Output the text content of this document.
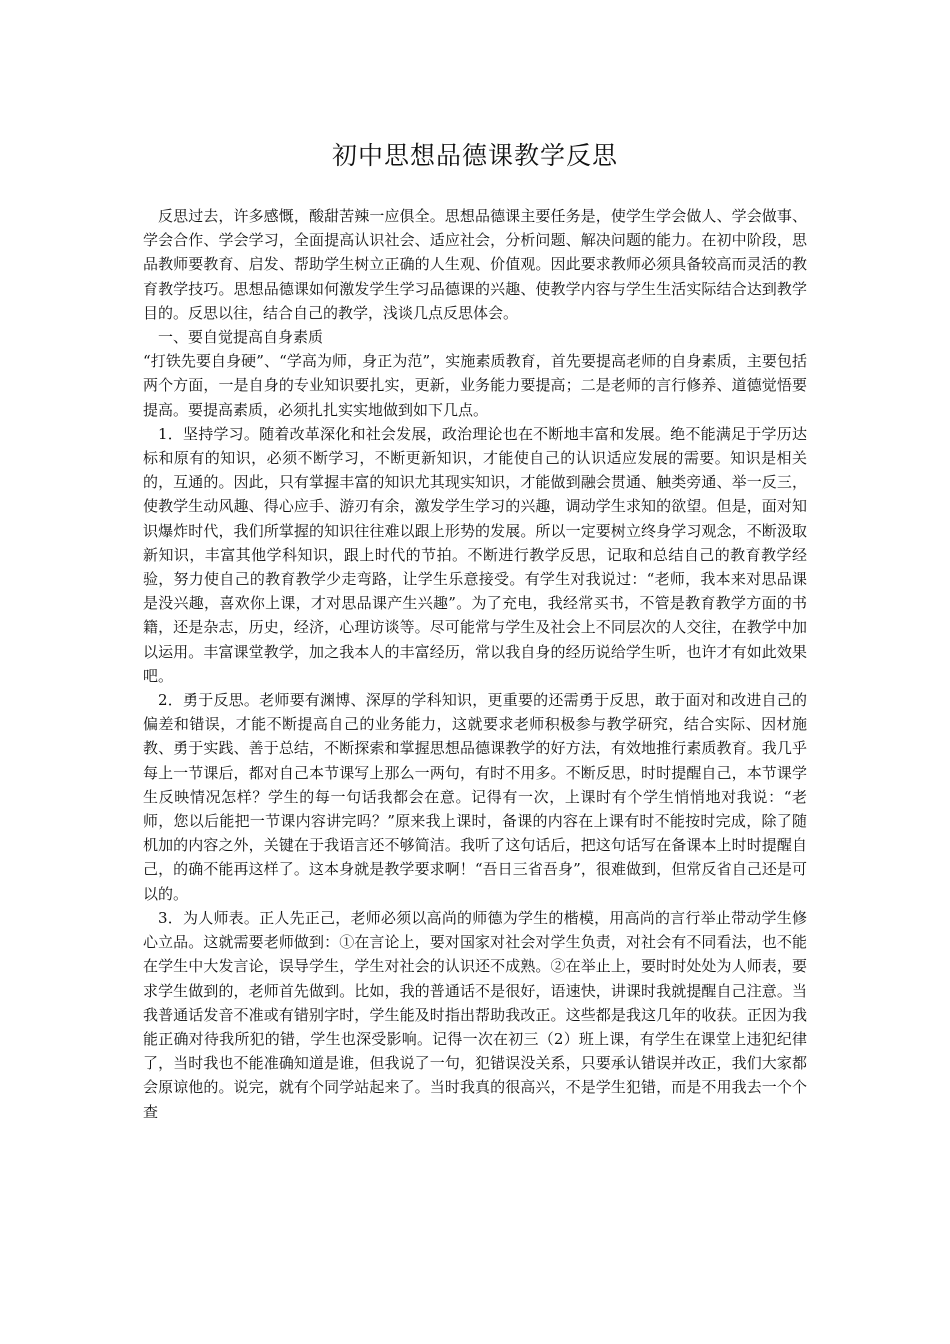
初中思想品德课教学反思

反思过去，许多感慨，酸甜苦辣一应俱全。思想品德课主要任务是，使学生学会做人、学会做事、学会合作、学会学习，全面提高认识社会、适应社会，分析问题、解决问题的能力。在初中阶段，思品教师要教育、启发、帮助学生树立正确的人生观、价值观。因此要求教师必须具备较高而灵活的教育教学技巧。思想品德课如何激发学生学习品德课的兴趣、使教学内容与学生生活实际结合达到教学目的。反思以往，结合自己的教学，浅谈几点反思体会。

一、要自觉提高自身素质

“打铁先要自身硬”、“学高为师，身正为范”，实施素质教育，首先要提高老师的自身素质，主要包括两个方面，一是自身的专业知识要扎实，更新，业务能力要提高；二是老师的言行修养、道德觉悟要提高。要提高素质，必须扎扎实实地做到如下几点。

1．坚持学习。随着改革深化和社会发展，政治理论也在不断地丰富和发展。绝不能满足于学历达标和原有的知识，必须不断学习，不断更新知识，才能使自己的认识适应发展的需要。知识是相关的，互通的。因此，只有掌握丰富的知识尤其现实知识，才能做到融会贯通、触类旁通、举一反三，使教学生动风趣、得心应手、游刃有余，激发学生学习的兴趣，调动学生求知的欲望。但是，面对知识爆炸时代，我们所掌握的知识往往难以跟上形势的发展。所以一定要树立终身学习观念，不断汲取新知识，丰富其他学科知识，跟上时代的节拍。不断进行教学反思，记取和总结自己的教育教学经验，努力使自己的教育教学少走弯路，让学生乐意接受。有学生对我说过：“老师，我本来对思品课是没兴趣，喜欢你上课，才对思品课产生兴趣”。为了充电，我经常买书，不管是教育教学方面的书籍，还是杂志，历史，经济，心理访谈等。尽可能常与学生及社会上不同层次的人交往，在教学中加以运用。丰富课堂教学，加之我本人的丰富经历，常以我自身的经历说给学生听，也许才有如此效果吧。

2．勇于反思。老师要有渊博、深厚的学科知识，更重要的还需勇于反思，敢于面对和改进自己的偏差和错误，才能不断提高自己的业务能力，这就要求老师积极参与教学研究，结合实际、因材施教、勇于实践、善于总结，不断探索和掌握思想品德课教学的好方法，有效地推行素质教育。我几乎每上一节课后，都对自己本节课写上那么一两句，有时不用多。不断反思，时时提醒自己，本节课学生反映情况怎样？学生的每一句话我都会在意。记得有一次，上课时有个学生悄悄地对我说：“老师，您以后能把一节课内容讲完吗？”原来我上课时，备课的内容在上课有时不能按时完成，除了随机加的内容之外，关键在于我语言还不够简洁。我听了这句话后，把这句话写在备课本上时时提醒自己，的确不能再这样了。这本身就是教学要求啊！“吾日三省吾身”，很难做到，但常反省自己还是可以的。

3．为人师表。正人先正己，老师必须以高尚的师德为学生的楷模，用高尚的言行举止带动学生修心立品。这就需要老师做到：①在言论上，要对国家对社会对学生负责，对社会有不同看法，也不能在学生中大发言论，误导学生，学生对社会的认识还不成熟。②在举止上，要时时处处为人师表，要求学生做到的，老师首先做到。比如，我的普通话不是很好，语速快，讲课时我就提醒自己注意。当我普通话发音不准或有错别字时，学生能及时指出帮助我改正。这些都是我这几年的收获。正因为我能正确对待我所犯的错，学生也深受影响。记得一次在初三（2）班上课，有学生在课堂上违犯纪律了，当时我也不能准确知道是谁，但我说了一句，犯错误没关系，只要承认错误并改正，我们大家都会原谅他的。说完，就有个同学站起来了。当时我真的很高兴，不是学生犯错，而是不用我去一个个查
